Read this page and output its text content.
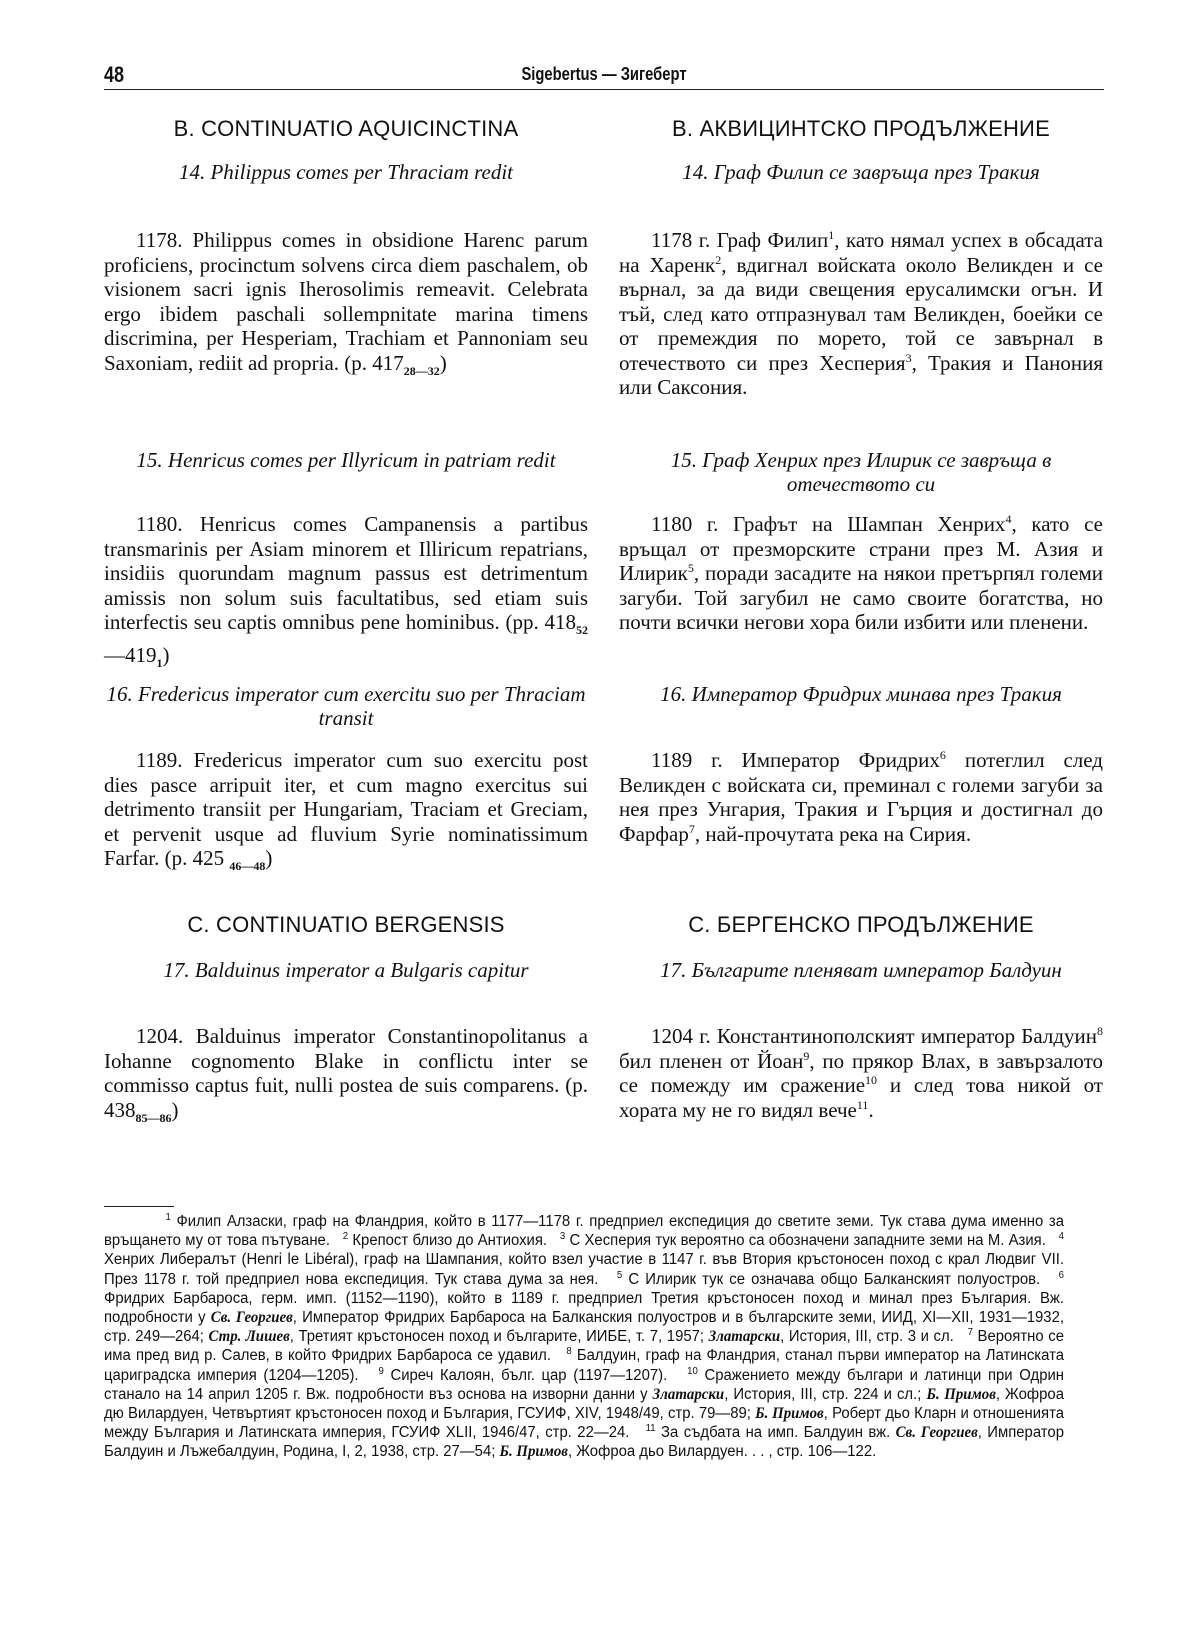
48	Sigebertus — Зигеберт
B. CONTINUATIO AQUICINCTINA
14. Philippus comes per Thraciam redit
1178. Philippus comes in obsidione Harenc parum proficiens, procinctum solvens circa diem paschalem, ob visionem sacri ignis Iherosolimis remeavit. Celebrata ergo ibidem paschali sollempnitate marina timens discrimina, per Hesperiam, Trachiam et Pannoniam seu Saxoniam, rediit ad propria. (p. $417_{28—32}$)
15. Henricus comes per Illyricum in patriam redit
1180. Henricus comes Campanensis a partibus transmarinis per Asiam minorem et Illiricum repatrians, insidiis quorundam magnum passus est detrimentum amissis non solum suis facultatibus, sed etiam suis interfectis seu captis omnibus pene hominibus. (pp. $418_{52}—419_1$)
16. Fredericus imperator cum exercitu suo per Thraciam transit
1189. Fredericus imperator cum suo exercitu post dies pasce arripuit iter, et cum magno exercitus sui detrimento transiit per Hungariam, Traciam et Greciam, et pervenit usque ad fluvium Syrie nominatissimum Farfar. (p. 425 $_{46—48}$)
C. CONTINUATIO BERGENSIS
17. Balduinus imperator a Bulgaris capitur
1204. Balduinus imperator Constantinopolitanus a Iohanne cognomento Blake in conflictu inter se commisso captus fuit, nulli postea de suis comparens. (p. $438_{85—86}$)
В. АКВИЦИНТСКО ПРОДЪЛЖЕНИЕ
14. Граф Филип се завръща през Тракия
1178 г. Граф Филип$^1$, като нямал успех в обсадата на Харенк$^2$, вдигнал войската около Великден и се върнал, за да види свещения ерусалимски огън. И тъй, след като отпразнувал там Великден, боейки се от премеждия по морето, той се завърнал в отечеството си през Хесперия$^3$, Тракия и Панония или Саксония.
15. Граф Хенрих през Илирик се завръща в отечеството си
1180 г. Графът на Шампан Хенрих$^4$, като се връщал от презморските страни през М. Азия и Илирик$^5$, поради засадите на някои претърпял големи загуби. Той загубил не само своите богатства, но почти всички негови хора били избити или пленени.
16. Император Фридрих минава през Тракия
1189 г. Император Фридрих$^6$ потеглил след Великден с войската си, преминал с големи загуби за нея през Унгария, Тракия и Гърция и достигнал до Фарфар$^7$, най-прочутата река на Сирия.
С. БЕРГЕНСКО ПРОДЪЛЖЕНИЕ
17. Българите пленяват император Балдуин
1204 г. Константинополският император Балдуин$^8$ бил пленен от Йоан$^9$, по прякор Влах, в завързалото се помежду им сражение$^{10}$ и след това никой от хората му не го видял вече$^{11}$.

$^1$ Филип Алзаски, граф на Фландрия, който в 1177—1178 г. предприел експедиция до светите земи. Тук става дума именно за връщането му от това пътуване. $^2$ Крепост близо до Антиохия. $^3$ С Хесперия тук вероятно са обозначени западните земи на М. Азия. $^4$ Хенрих Либералът (Henri le Libéral), граф на Шампания, който взел участие в 1147 г. във Втория кръстоносен поход с крал Людвиг VII. През 1178 г. той предприел нова експедиция. Тук става дума за нея. $^5$ С Илирик тук се означава общо Балканският полуостров. $^6$ Фридрих Барбароса, герм. имп. (1152—1190), който в 1189 г. предприел Третия кръстоносен поход и минал през България. Вж. подробности у Св. Георгиев, Император Фридрих Барбароса на Балканския полуостров и в българските земи, ИИД, XI—XII, 1931—1932, стр. 249—264; Стр. Лишев, Третият кръстоносен поход и българите, ИИБЕ, т. 7, 1957; Златарски, История, III, стр. 3 и сл. $^7$ Вероятно се има пред вид р. Салев, в който Фридрих Барбароса се удавил. $^8$ Балдуин, граф на Фландрия, станал първи император на Латинската цариградска империя (1204—1205). $^9$ Сиреч Калоян, бълг. цар (1197—1207). $^{10}$ Сражението между българи и латинци при Одрин станало на 14 април 1205 г. Вж. подробности въз основа на изворни данни у Златарски, История, III, стр. 224 и сл.; Б. Примов, Жофроа дю Вилардуен, Четвъртият кръстоносен поход и България, ГСУИФ, XIV, 1948/49, стр. 79—89; Б. Примов, Роберт дьо Кларн и отношенията между България и Латинската империя, ГСУИФ XLII, 1946/47, стр. 22—24. $^{11}$ За съдбата на имп. Балдуин вж. Св. Георгиев, Император Балдуин и Лъжебалдуин, Родина, I, 2, 1938, стр. 27—54; Б. Примов, Жофроа дьо Вилардуен. . . , стр. 106—122.
